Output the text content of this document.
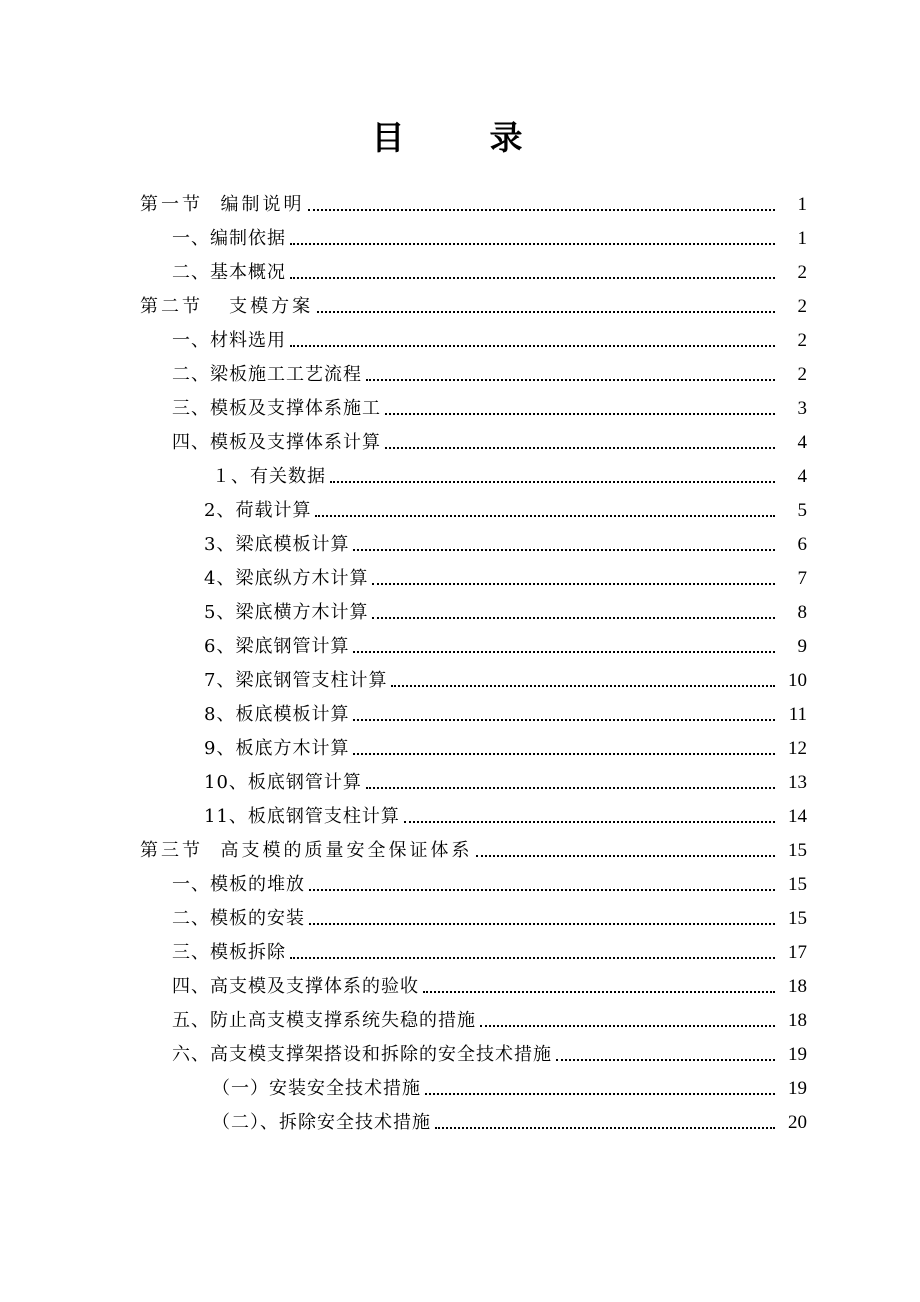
目　录
第一节  编制说明	1
一、编制依据	1
二、基本概况	2
第二节   支模方案	2
一、材料选用	2
二、梁板施工工艺流程	2
三、模板及支撑体系施工	3
四、模板及支撑体系计算	4
１、有关数据	4
2、荷载计算	5
3、梁底模板计算	6
4、梁底纵方木计算	7
5、梁底横方木计算	8
6、梁底钢管计算	9
7、梁底钢管支柱计算	10
8、板底模板计算	11
9、板底方木计算	12
10、板底钢管计算	13
11、板底钢管支柱计算	14
第三节  高支模的质量安全保证体系	15
一、模板的堆放	15
二、模板的安装	15
三、模板拆除	17
四、高支模及支撑体系的验收	18
五、防止高支模支撑系统失稳的措施	18
六、高支模支撑架搭设和拆除的安全技术措施	19
（一）安装安全技术措施	19
（二）、拆除安全技术措施	20
